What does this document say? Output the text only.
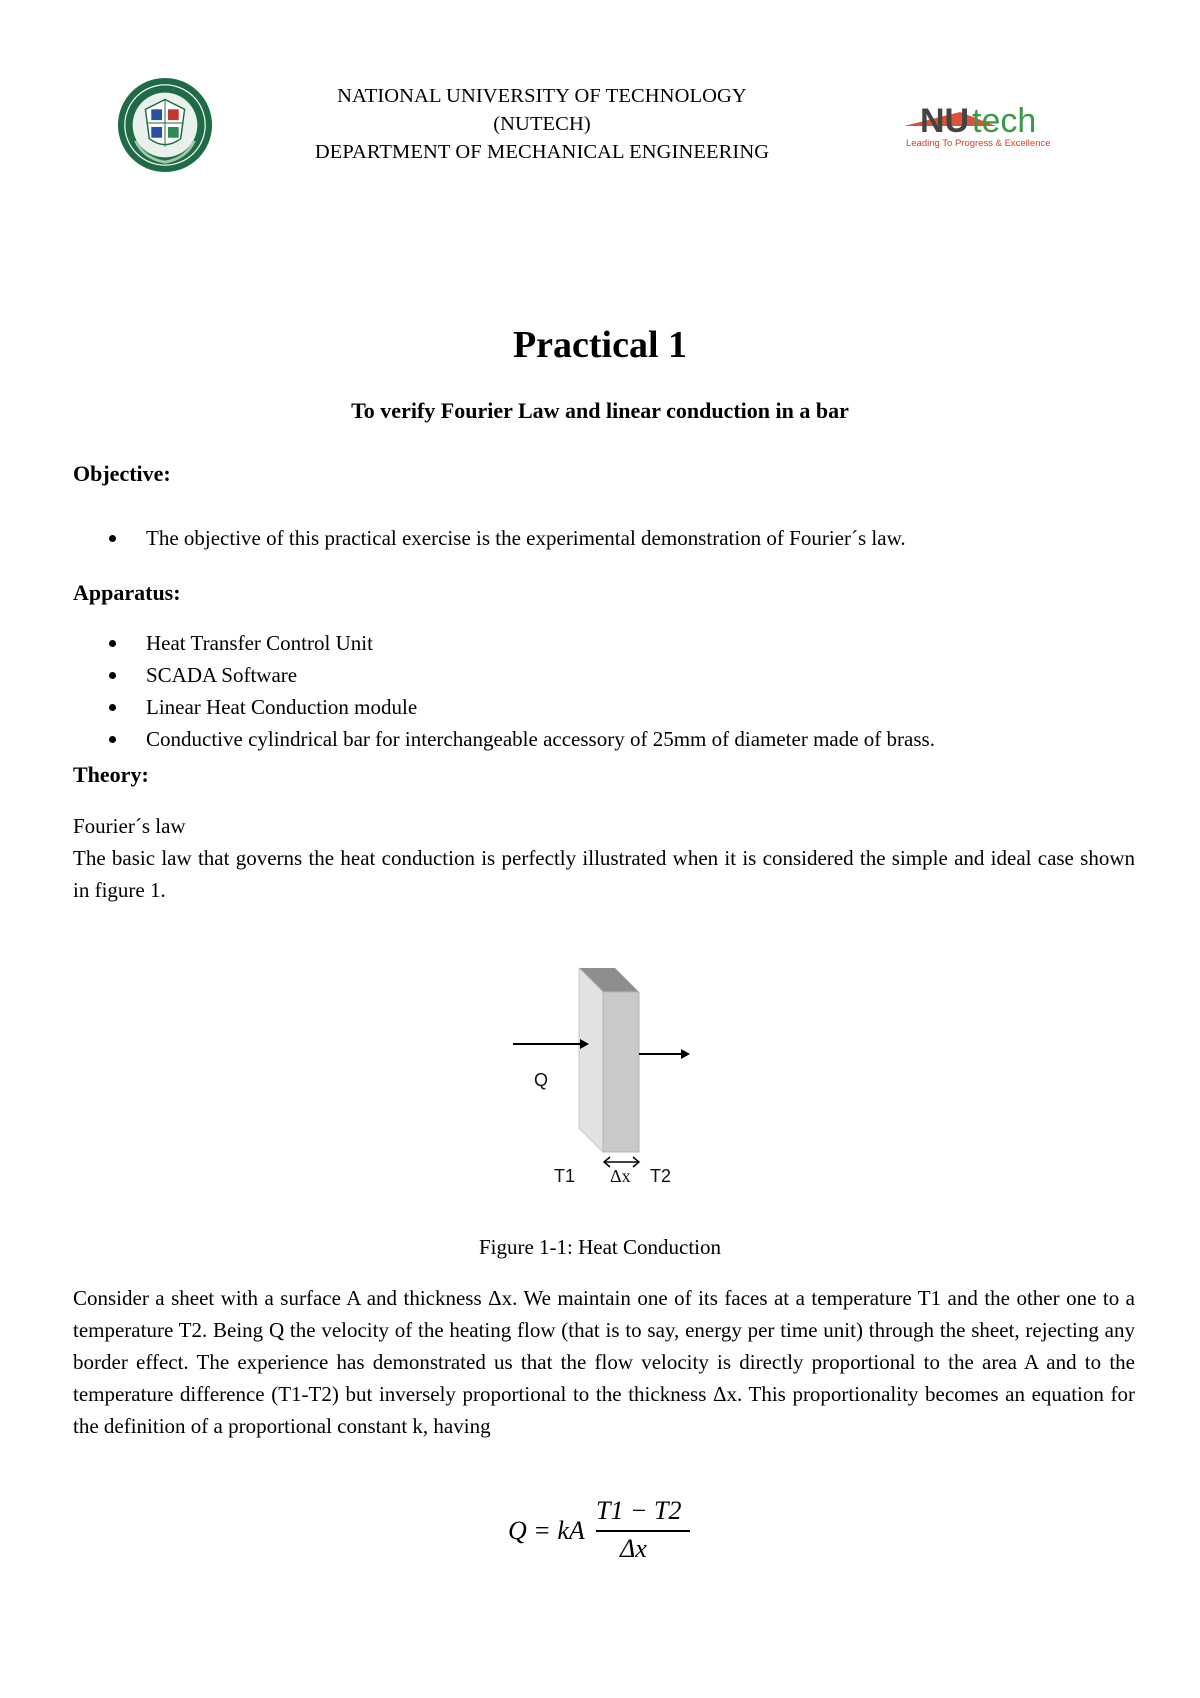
NATIONAL UNIVERSITY OF TECHNOLOGY
(NUTECH)
DEPARTMENT OF MECHANICAL ENGINEERING
NU tech
Leading To Progress & Excellence
Practical 1
To verify Fourier Law and linear conduction in a bar
Objective:
The objective of this practical exercise is the experimental demonstration of Fourier´s law.
Apparatus:
Heat Transfer Control Unit
SCADA Software
Linear Heat Conduction module
Conductive cylindrical bar for interchangeable accessory of 25mm of diameter made of brass.
Theory:

Fourier´s law

The basic law that governs the heat conduction is perfectly illustrated when it is considered the simple and ideal case shown in figure 1.

Q
T1 Δx T2
Figure 1-1: Heat Conduction

Consider a sheet with a surface A and thickness Δx. We maintain one of its faces at a temperature T1 and the other one to a temperature T2. Being Q the velocity of the heating flow (that is to say, energy per time unit) through the sheet, rejecting any border effect. The experience has demonstrated us that the flow velocity is directly proportional to the area A and to the temperature difference (T1-T2) but inversely proportional to the thickness Δx. This proportionality becomes an equation for the definition of a proportional constant k, having

Q = kA
T1 − T2
Δx
